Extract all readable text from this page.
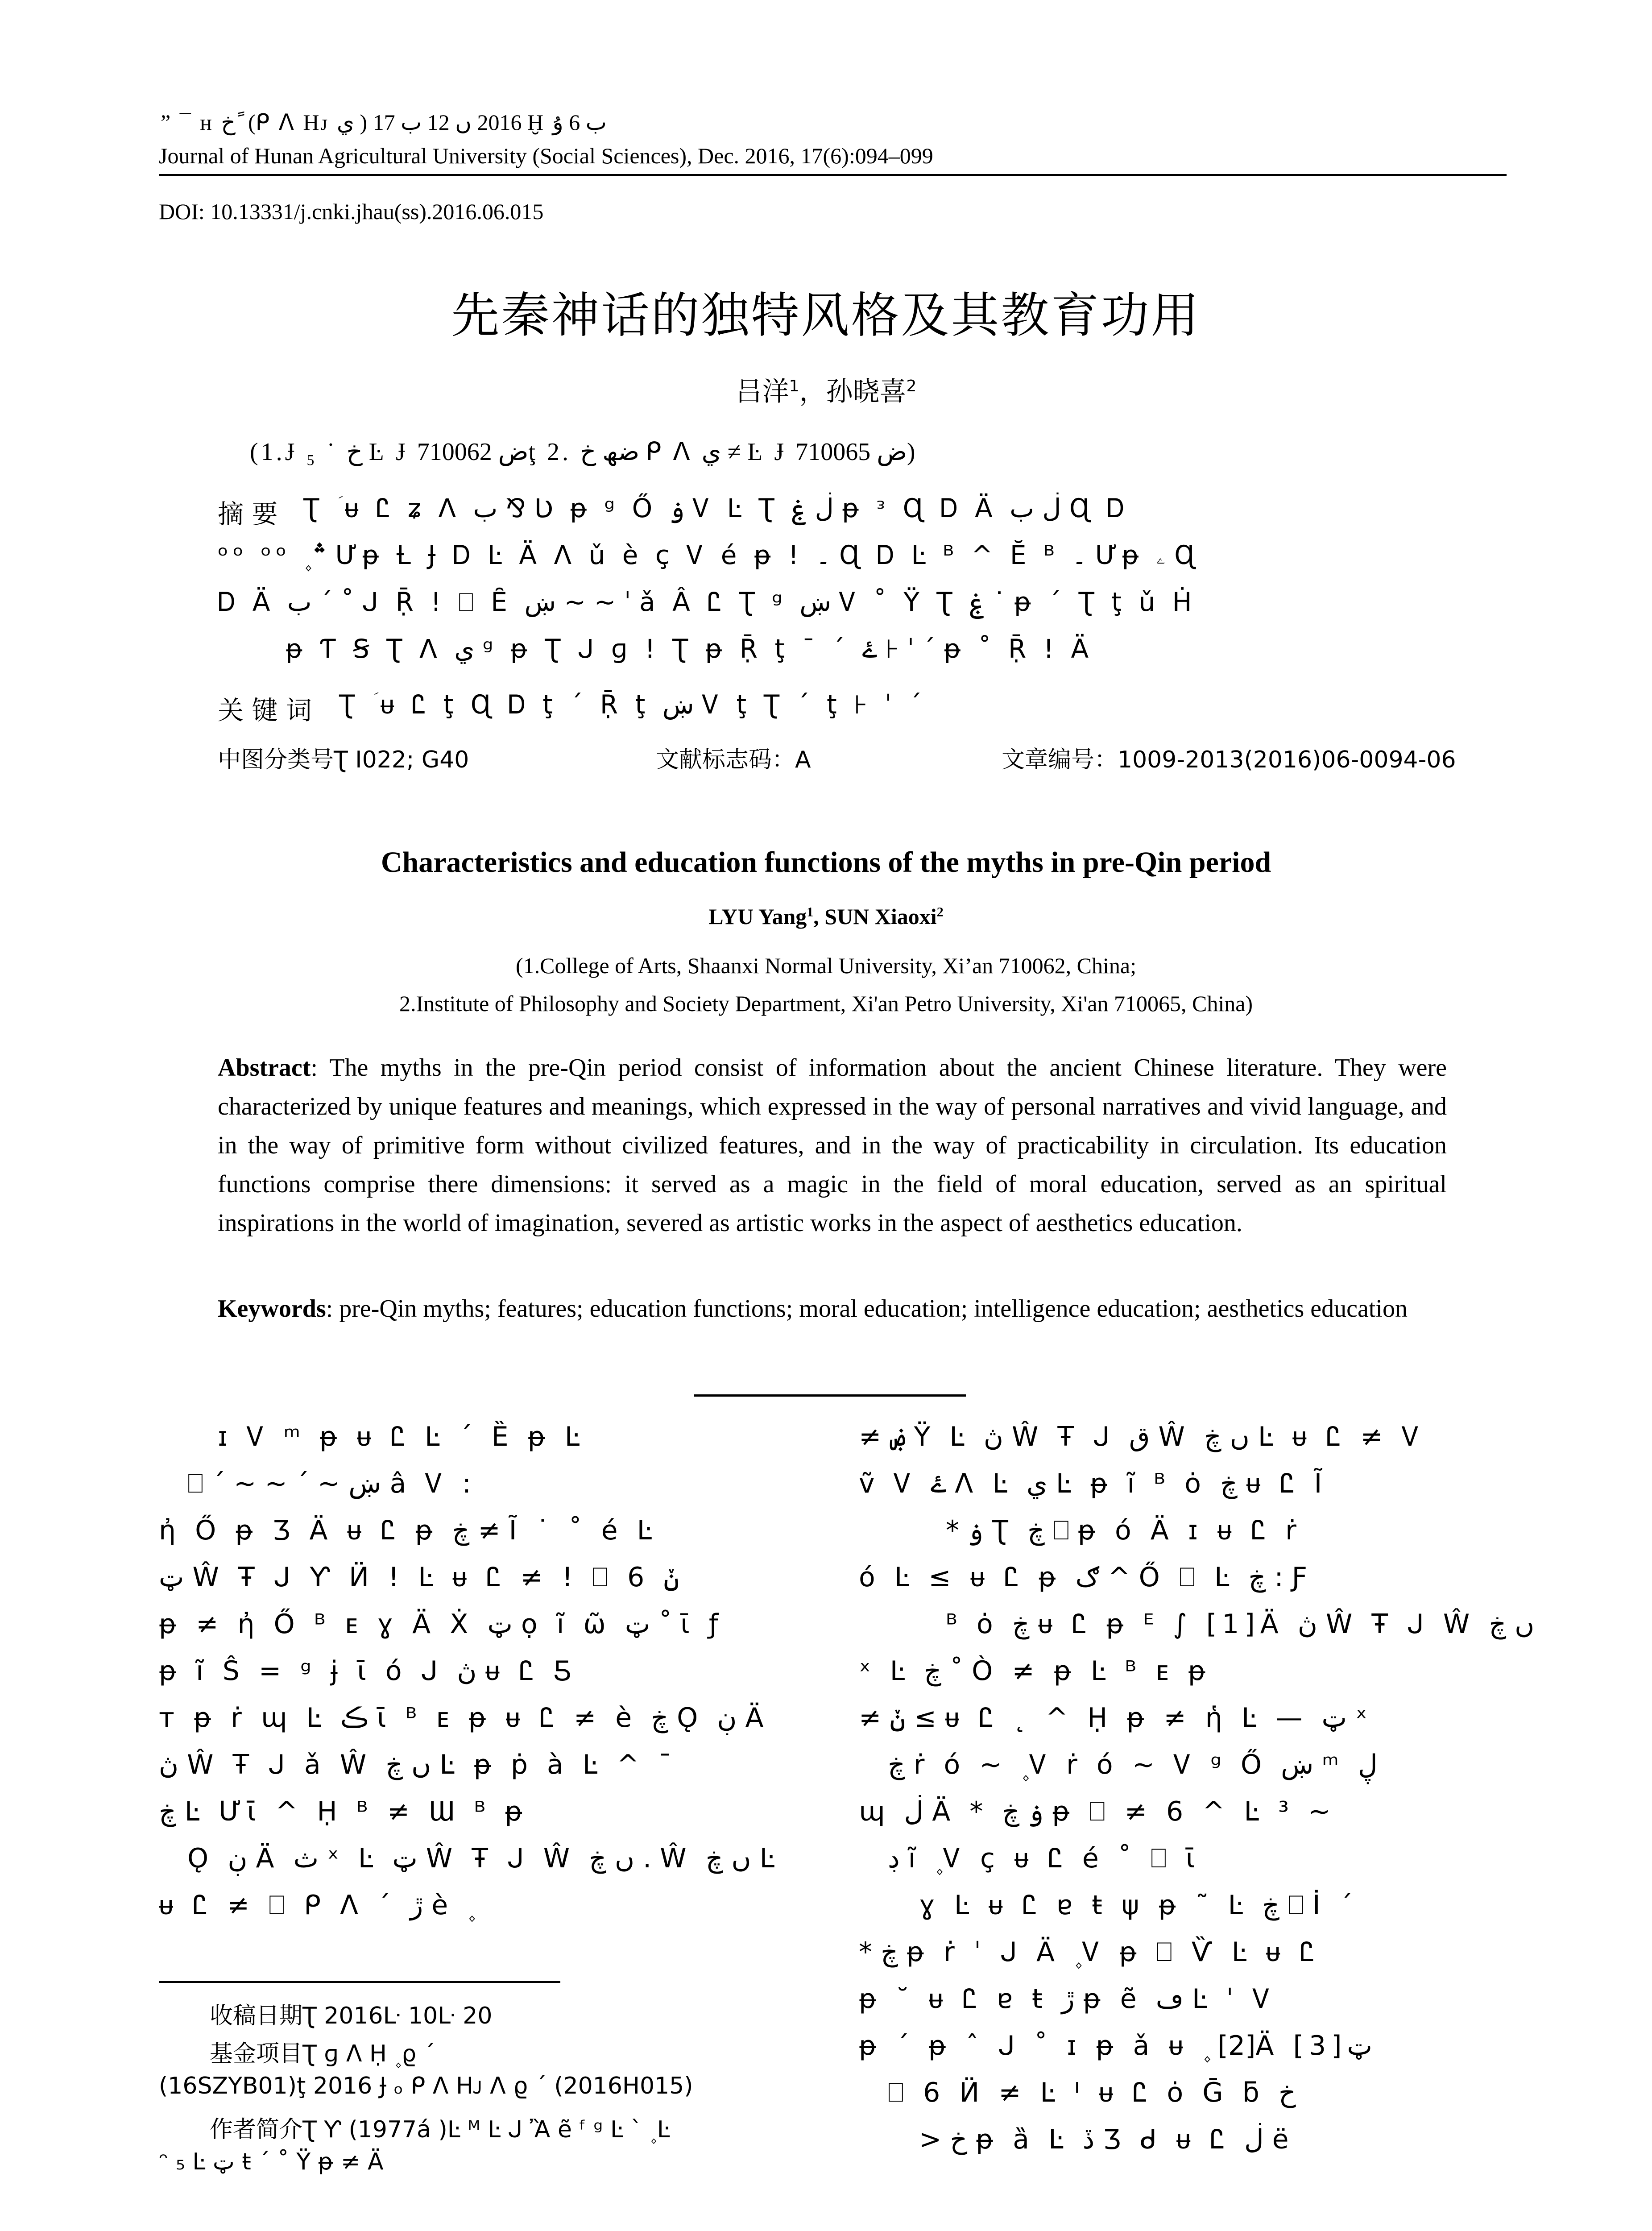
” ¯ ʜ خ ً (ᑭ ᐱ Hᴊ ي ) 2016 ں 12 ب 17 Ḫ ب 6 ۇ
Journal of Hunan Agricultural University (Social Sciences), Dec. 2016, 17(6):094–099
DOI: 10.13331/j.cnki.jhau(ss).2016.06.015
先秦神话的独特风格及其教育功用
吕洋$^1$，孙晓喜$^2$
(1.Ɉ ₅ ˙ خ Ŀ Ɉ ض 710062ţ 2. ضھ خ ᑭ ᐱ ي ≠ Ŀ Ɉ ض 710065)
摘 要 Ʈ ؘ ᵾ Ꮭ ʑ ᐱ ب ⅋ Ʋ ᵽ ᵍ Ő ۏ Ꮩ Ŀ Ʈ ڶ ۼ ᵽ ᵌ Ɋ Ꭰ Ä ڶ ب Ɋ Ꭰ
ᵒᵒ ᵒᵒ ۪ ؞ Ưᵽ Ƚ Ɉ Ꭰ Ŀ Ä ᐱ ǔ è ç Ꮩ é ᵽ ! ۔ Ɋ Ꭰ Ŀ ᴮ ^ Ĕ ᴮ ۔ Ưᵽ ۦ Ɋ
Ꭰ Ä ب ˊ ˚ ᒍ Ṝ ! ⎕ Ȇ ښ ~ ~ ˈ ǎ Â Ꮭ Ʈ ᵍ ښ Ꮩ ˚ Ÿ Ʈ ۼ ˙ ᵽ ˊ Ʈ ţ ǔ Ḣ
ᵽ Ƭ Ꞩ Ʈ ᐱ ي ᵍ ᵽ Ʈ ᒍ ɡ ! Ʈ ᵽ Ṝ ţ ¯ ˊ ۓ ⊦ ˈ ˊ ᵽ ˚ Ṝ ! Ä
关 键 词 Ʈ ؘ ᵾ Ꮭ ţ Ɋ Ꭰ ţ ˊ Ṝ ţ ښ Ꮩ ţ Ʈ ˊ ţ ⊦ ˈ ˊ
中图分类号Ʈ I022; G40	文献标志码：A	文章编号：1009-2013(2016)06-0094-06
Characteristics and education functions of the myths in pre-Qin period
LYU Yang$^1$, SUN Xiaoxi$^2$
(1.College of Arts, Shaanxi Normal University, Xi’an 710062, China;
2.Institute of Philosophy and Society Department, Xi'an Petro University, Xi'an 710065, China)
Abstract: The myths in the pre-Qin period consist of information about the ancient Chinese literature. They were characterized by unique features and meanings, which expressed in the way of personal narratives and vivid language, and in the way of primitive form without civilized features, and in the way of practicability in circulation. Its education functions comprise there dimensions: it served as a magic in the field of moral education, served as an spiritual inspirations in the world of imagination, severed as artistic works in the aspect of aesthetics education.
Keywords: pre-Qin myths; features; education functions; moral education; intelligence education; aesthetics education
ɪ Ꮩ ᵐ ᵽ ᵾ Ꮭ Ŀ ˊ Ȅ ᵽ Ŀ
⎕ ˊ ~ ~ ˊ ~ ښ â Ꮩ :
ἠ Ő ᵽ Ʒ Ä ᵾ Ꮭ ᵽ ڿ ≠ Ĩ ˙ ˚ é Ŀ
ټ Ŵ Ŧ ᒍ Ƴ Ӥ ! Ŀ ᵾ Ꮭ ≠ ! ⎕ 6 ݩ
ᵽ ≠ ἠ Ő ᴮ ᴇ ɣ Ä Ẋ ټ ọ ĩ ῶ ټ ˚ ῑ ƒ
ᵽ ĩ Ŝ = ᵍ ɉ ῑ ó ᒍ ڽ ᵾ Ꮭ Ƽ
ᴛ ᵽ ṙ ɰ Ŀ ڪ ῑ ᴮ ᴇ ᵽ ᵾ Ꮭ ≠ è ڿ Ǫ ڹ Ä
ڽ Ŵ Ŧ ᒍ ǎ Ŵ ں ڿ Ŀ ᵽ ṗ à Ŀ ^ ¯
ڿ Ŀ Ưῑ ^ Ḥ ᴮ ≠ Ɯ ᴮ ᵽ
Ǫ ڹ Ä ث ˣ Ŀ ټ Ŵ Ŧ ᒍ Ŵ ں ڿ . Ŵ ں ڿ Ŀ
ᵾ Ꮭ ≠ ⎕ ᑭ ᐱ ˊ ڙ è ۪
≠ ۻ Ÿ Ŀ ڽ Ŵ Ŧ ᒍ ق Ŵ ں ڿ Ŀ ᵾ Ꮭ ≠ Ꮩ
ṽ Ꮩ ۓ ᐱ Ŀ ي Ŀ ᵽ ĩ ᴮ ȯ ڿ ᵾ Ꮭ Ĩ
* ۏ Ʈ ڿ ⎕ ᵽ ó Ä ɪ ᵾ Ꮭ ṙ
ó Ŀ ≤ ᵾ Ꮭ ᵽ ګ ^ Ő ⎕ Ŀ ڿ : Ƒ
ᴮ ȯ ڿ ᵾ Ꮭ ᵽ ᴱ ∫ [1]Ä ڽ Ŵ Ŧ ᒍ Ŵ ں ڿ
ˣ Ŀ ڿ ˚ Ò ≠ ᵽ Ŀ ᴮ ᴇ ᵽ
≠ ݩ ≤ ᵾ Ꮭ ˛ ^ Ḥ ᵽ ≠ ἡ Ŀ — ټ ˣ
ڿ ṙ ó ~ ۪ Ꮩ ṙ ó ~ Ꮩ ᵍ Ő ښ ᵐ ڸ
ɰ ڶ Ä * ۏ ڿ ᵽ ⎕ ≠ 6 ^ Ŀ ³ ~
ڊ ĩ ۪ Ꮩ ç ᵾ Ꮭ é ˚ ⎕ ῑ
ɣ Ŀ ᵾ Ꮭ ɐ ŧ ψ ᵽ ˜ Ŀ ڿ ⎕ İ ˊ
* ڿ ᵽ ṙ ˈ ᒍ Ä ۪ Ꮩ ᵽ ⎕ Ѷ Ŀ ᵾ Ꮭ
ᵽ ˘ ᵾ Ꮭ ɐ ŧ ڙ ᵽ ẽ ڡ Ŀ ˈ Ꮩ
ᵽ ˊ ᵽ ˆ ᒍ ˚ ɪ ᵽ ǎ ᵾ ۪ ۪ [2]Ä [3]ټ
⎕ 6 Ӥ ≠ Ŀ ᑊ ᵾ Ꮭ ȯ Ḡ ƃ خ
> خ ᵽ ȁ Ŀ ڏ Ʒ ᑯ ᵾ Ꮭ ڶ ë
收稿日期Ʈ 2016ᒷ 10ᒷ 20
基金项目Ʈ ɡ ᐱ Ḥ ۪ ϱ ˊ
(16SZYB01)ţ 2016 Ɉ ₒ ᑭ ᐱ Hᴊ ᐱ ϱ ˊ (2016H015)
作者简介Ʈ Ƴ (1977á )Ŀ ᴹ Ŀ ᒍ Ἂ ẽ ᶠ ᵍ Ŀ ˋ ۪ Ŀ
ᵔ ₅ Ŀ ټ ŧ ˊ ˚ Ÿ ᵽ ≠ Ä
